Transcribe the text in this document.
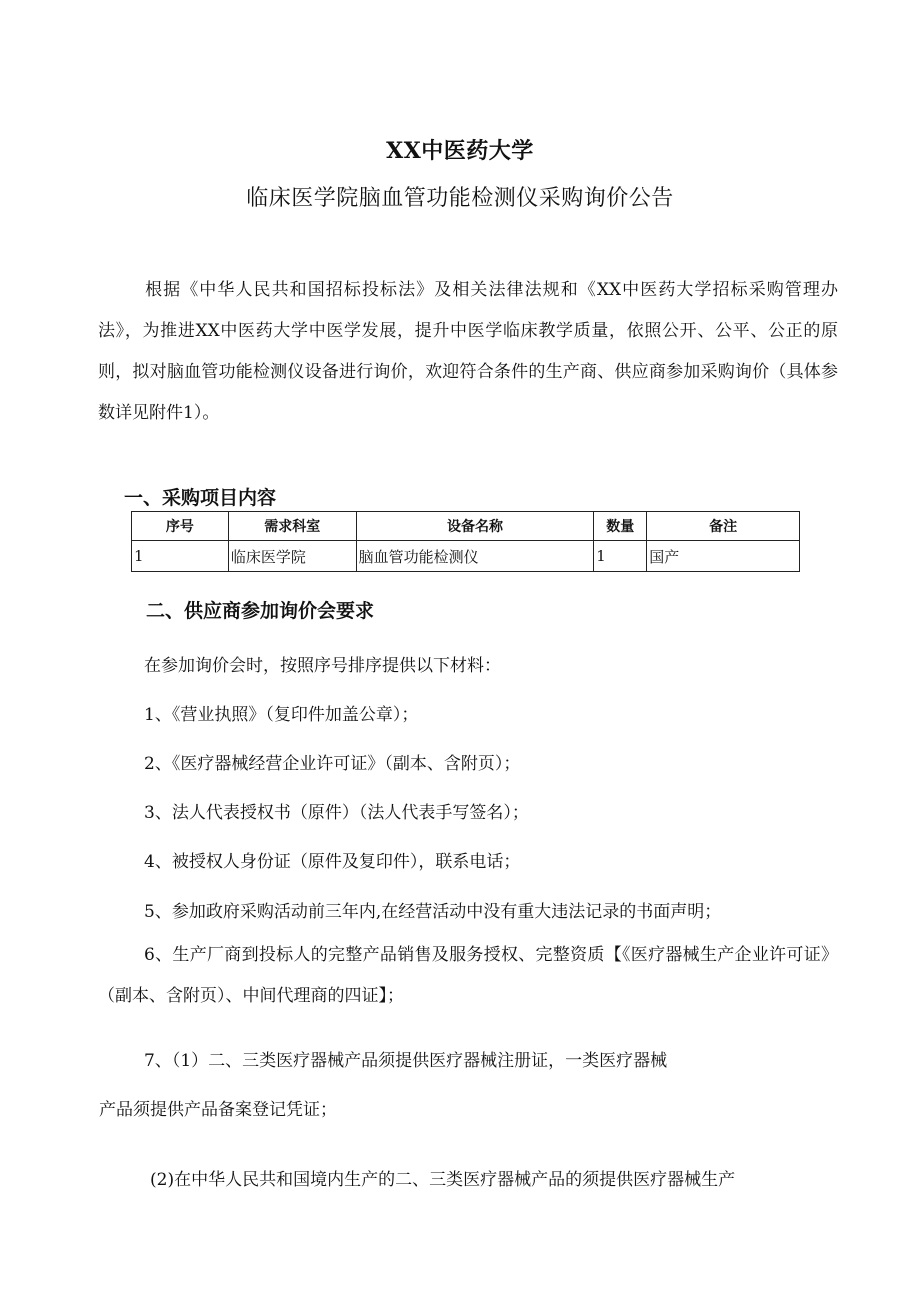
XX中医药大学
临床医学院脑血管功能检测仪采购询价公告
根据《中华人民共和国招标投标法》及相关法律法规和《XX中医药大学招标采购管理办法》，为推进XX中医药大学中医学发展，提升中医学临床教学质量，依照公开、公平、公正的原则，拟对脑血管功能检测仪设备进行询价，欢迎符合条件的生产商、供应商参加采购询价（具体参数详见附件1）。
一、采购项目内容
序号	需求科室	设备名称	数量	备注
1	临床医学院	脑血管功能检测仪	1	国产
二、供应商参加询价会要求
在参加询价会时，按照序号排序提供以下材料：
1、《营业执照》（复印件加盖公章）；
2、《医疗器械经营企业许可证》（副本、含附页）；
3、法人代表授权书（原件）（法人代表手写签名）；
4、被授权人身份证（原件及复印件），联系电话；
5、参加政府采购活动前三年内,在经营活动中没有重大违法记录的书面声明；
6、生产厂商到投标人的完整产品销售及服务授权、完整资质【《医疗器械生产企业许可证》（副本、含附页）、中间代理商的四证】；
7、（1）二、三类医疗器械产品须提供医疗器械注册证，一类医疗器械
产品须提供产品备案登记凭证；
(2)在中华人民共和国境内生产的二、三类医疗器械产品的须提供医疗器械生产
